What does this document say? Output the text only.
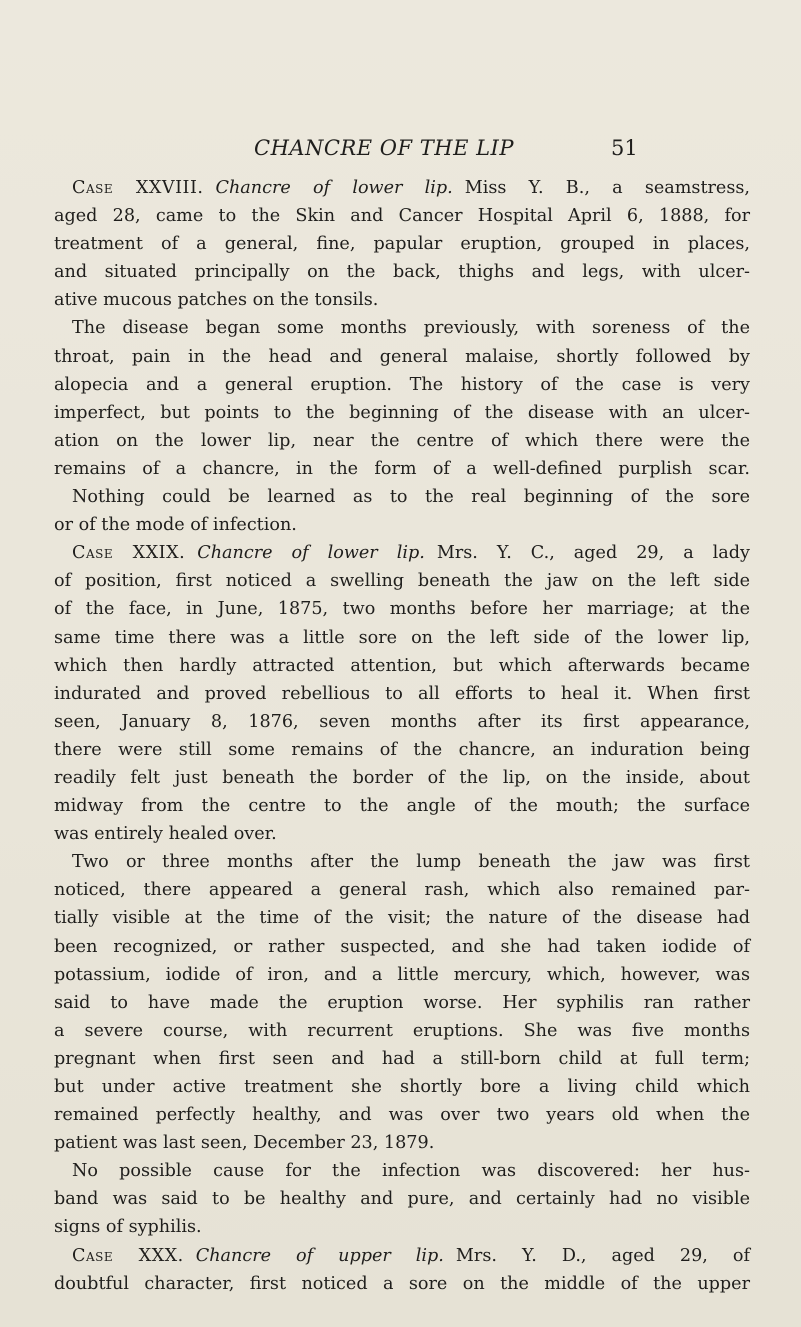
CHANCRE OF THE LIP	51
Case XXVIII. Chancre of lower lip. Miss Y. B., a seamstress,
aged 28, came to the Skin and Cancer Hospital April 6, 1888, for
treatment of a general, fine, papular eruption, grouped in places,
and situated principally on the back, thighs and legs, with ulcer-
ative mucous patches on the tonsils.
The disease began some months previously, with soreness of the
throat, pain in the head and general malaise, shortly followed by
alopecia and a general eruption. The history of the case is very
imperfect, but points to the beginning of the disease with an ulcer-
ation on the lower lip, near the centre of which there were the
remains of a chancre, in the form of a well-defined purplish scar.
Nothing could be learned as to the real beginning of the sore
or of the mode of infection.
Case XXIX. Chancre of lower lip. Mrs. Y. C., aged 29, a lady
of position, first noticed a swelling beneath the jaw on the left side
of the face, in June, 1875, two months before her marriage; at the
same time there was a little sore on the left side of the lower lip,
which then hardly attracted attention, but which afterwards became
indurated and proved rebellious to all efforts to heal it. When first
seen, January 8, 1876, seven months after its first appearance,
there were still some remains of the chancre, an induration being
readily felt just beneath the border of the lip, on the inside, about
midway from the centre to the angle of the mouth; the surface
was entirely healed over.
Two or three months after the lump beneath the jaw was first
noticed, there appeared a general rash, which also remained par-
tially visible at the time of the visit; the nature of the disease had
been recognized, or rather suspected, and she had taken iodide of
potassium, iodide of iron, and a little mercury, which, however, was
said to have made the eruption worse. Her syphilis ran rather
a severe course, with recurrent eruptions. She was five months
pregnant when first seen and had a still-born child at full term;
but under active treatment she shortly bore a living child which
remained perfectly healthy, and was over two years old when the
patient was last seen, December 23, 1879.
No possible cause for the infection was discovered: her hus-
band was said to be healthy and pure, and certainly had no visible
signs of syphilis.
Case XXX. Chancre of upper lip. Mrs. Y. D., aged 29, of
doubtful character, first noticed a sore on the middle of the upper
